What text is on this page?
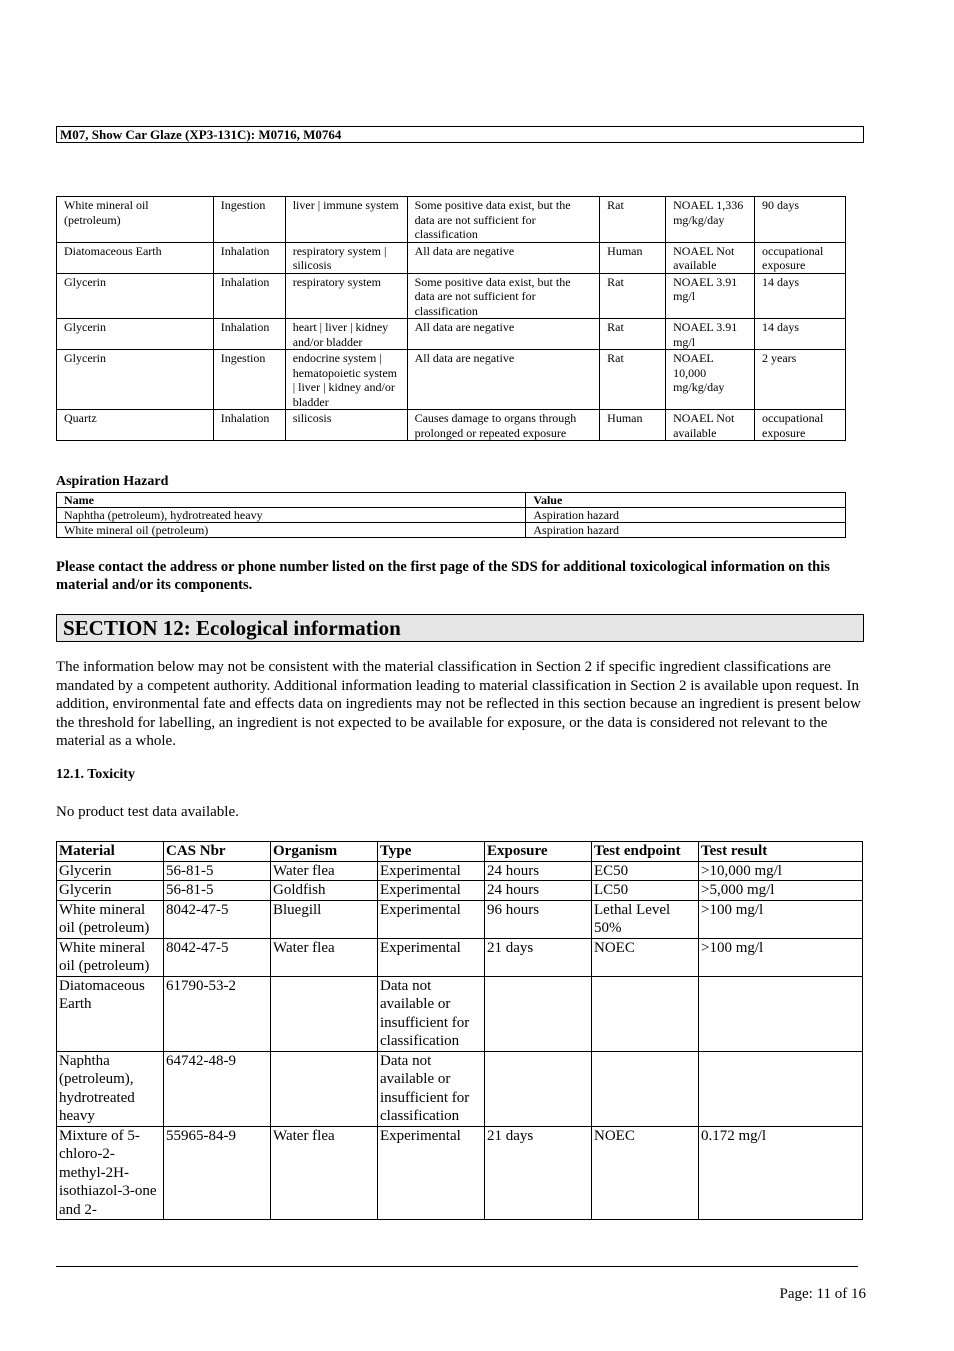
M07, Show Car Glaze (XP3-131C): M0716, M0764
White mineral oil (petroleum)	Ingestion	liver | immune system	Some positive data exist, but the data are not sufficient for classification	Rat	NOAEL 1,336 mg/kg/day	90 days
Diatomaceous Earth	Inhalation	respiratory system | silicosis	All data are negative	Human	NOAEL Not available	occupational exposure
Glycerin	Inhalation	respiratory system	Some positive data exist, but the data are not sufficient for classification	Rat	NOAEL 3.91 mg/l	14 days
Glycerin	Inhalation	heart | liver | kidney and/or bladder	All data are negative	Rat	NOAEL 3.91 mg/l	14 days
Glycerin	Ingestion	endocrine system | hematopoietic system | liver | kidney and/or bladder	All data are negative	Rat	NOAEL 10,000 mg/kg/day	2 years
Quartz	Inhalation	silicosis	Causes damage to organs through prolonged or repeated exposure	Human	NOAEL Not available	occupational exposure
Aspiration Hazard
Name	Value
Naphtha (petroleum), hydrotreated heavy	Aspiration hazard
White mineral oil (petroleum)	Aspiration hazard
Please contact the address or phone number listed on the first page of the SDS for additional toxicological information on this material and/or its components.
SECTION 12: Ecological information
The information below may not be consistent with the material classification in Section 2 if specific ingredient classifications are mandated by a competent authority. Additional information leading to material classification in Section 2 is available upon request. In addition, environmental fate and effects data on ingredients may not be reflected in this section because an ingredient is present below the threshold for labelling, an ingredient is not expected to be available for exposure, or the data is considered not relevant to the material as a whole.
12.1. Toxicity
No product test data available.
Material	CAS Nbr	Organism	Type	Exposure	Test endpoint	Test result
Glycerin	56-81-5	Water flea	Experimental	24 hours	EC50	>10,000 mg/l
Glycerin	56-81-5	Goldfish	Experimental	24 hours	LC50	>5,000 mg/l
White mineral oil (petroleum)	8042-47-5	Bluegill	Experimental	96 hours	Lethal Level 50%	>100 mg/l
White mineral oil (petroleum)	8042-47-5	Water flea	Experimental	21 days	NOEC	>100 mg/l
Diatomaceous Earth	61790-53-2		Data not available or insufficient for classification			
Naphtha (petroleum), hydrotreated heavy	64742-48-9		Data not available or insufficient for classification			
Mixture of 5-chloro-2-methyl-2H-isothiazol-3-one and 2-	55965-84-9	Water flea	Experimental	21 days	NOEC	0.172 mg/l
Page: 11 of 16
